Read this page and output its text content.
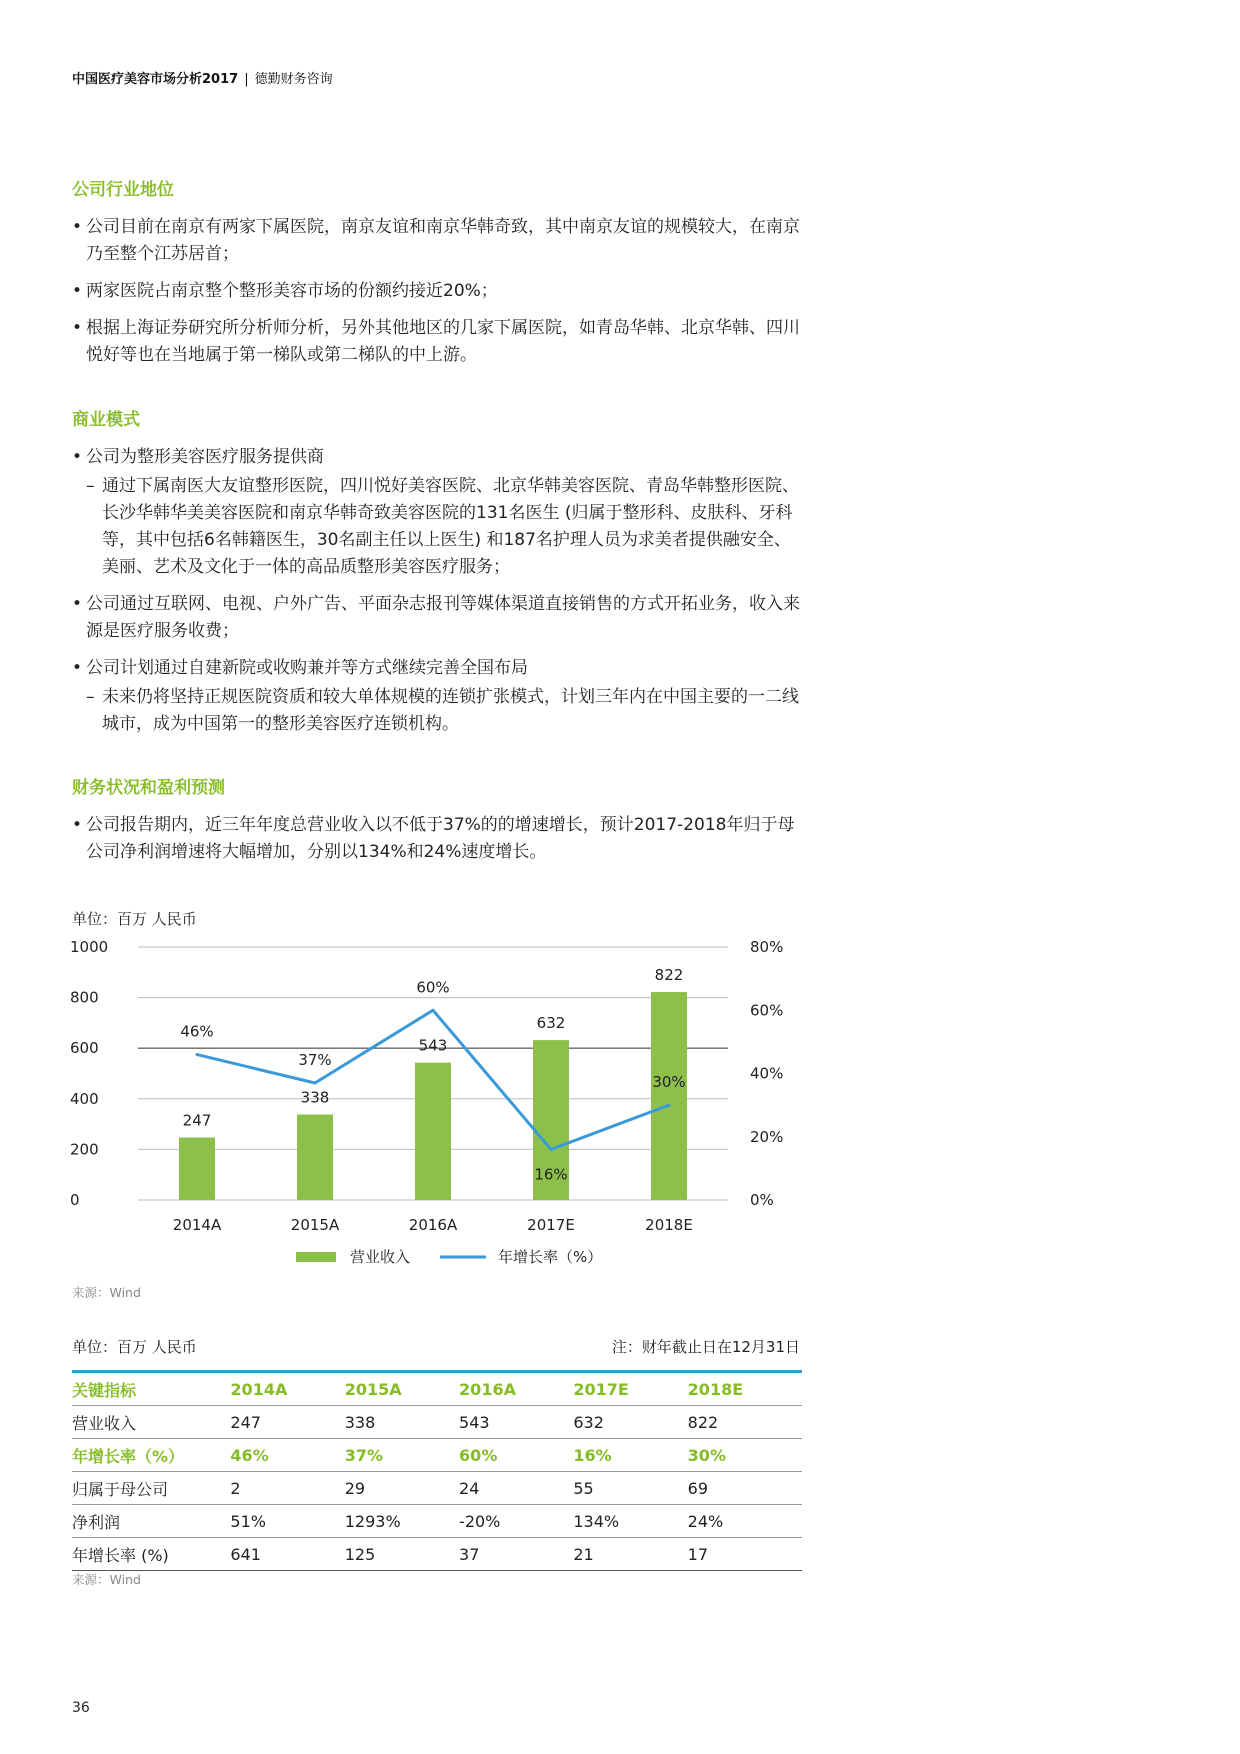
中国医疗美容市场分析2017 | 德勤财务咨询
公司行业地位
• 公司目前在南京有两家下属医院，南京友谊和南京华韩奇致，其中南京友谊的规模较大，在南京乃至整个江苏居首；
• 两家医院占南京整个整形美容市场的份额约接近20%；
• 根据上海证券研究所分析师分析，另外其他地区的几家下属医院，如青岛华韩、北京华韩、四川悦好等也在当地属于第一梯队或第二梯队的中上游。
商业模式
• 公司为整形美容医疗服务提供商
– 通过下属南医大友谊整形医院，四川悦好美容医院、北京华韩美容医院、青岛华韩整形医院、长沙华韩华美美容医院和南京华韩奇致美容医院的131名医生 (归属于整形科、皮肤科、牙科等，其中包括6名韩籍医生，30名副主任以上医生) 和187名护理人员为求美者提供融安全、美丽、艺术及文化于一体的高品质整形美容医疗服务；
• 公司通过互联网、电视、户外广告、平面杂志报刊等媒体渠道直接销售的方式开拓业务，收入来源是医疗服务收费；
• 公司计划通过自建新院或收购兼并等方式继续完善全国布局
– 未来仍将坚持正规医院资质和较大单体规模的连锁扩张模式，计划三年内在中国主要的一二线城市，成为中国第一的整形美容医疗连锁机构。
财务状况和盈利预测
• 公司报告期内，近三年年度总营业收入以不低于37%的的增速增长，预计2017-2018年归于母公司净利润增速将大幅增加，分别以134%和24%速度增长。
单位：百万 人民币
0
200
400
600
800
1000
0%
20%
40%
60%
80%
247
338
543
632
822
2014A	2015A	2016A	2017E	2018E
46%
37%
60%
16%
30%
营业收入	年增长率（%）
来源：Wind
单位：百万 人民币	注：财年截止日在12月31日
关键指标	2014A	2015A	2016A	2017E	2018E
营业收入	247	338	543	632	822
年增长率（%）	46%	37%	60%	16%	30%
归属于母公司	2	29	24	55	69
净利润	51%	1293%	-20%	134%	24%
年增长率 (%)	641	125	37	21	17
来源：Wind
36
